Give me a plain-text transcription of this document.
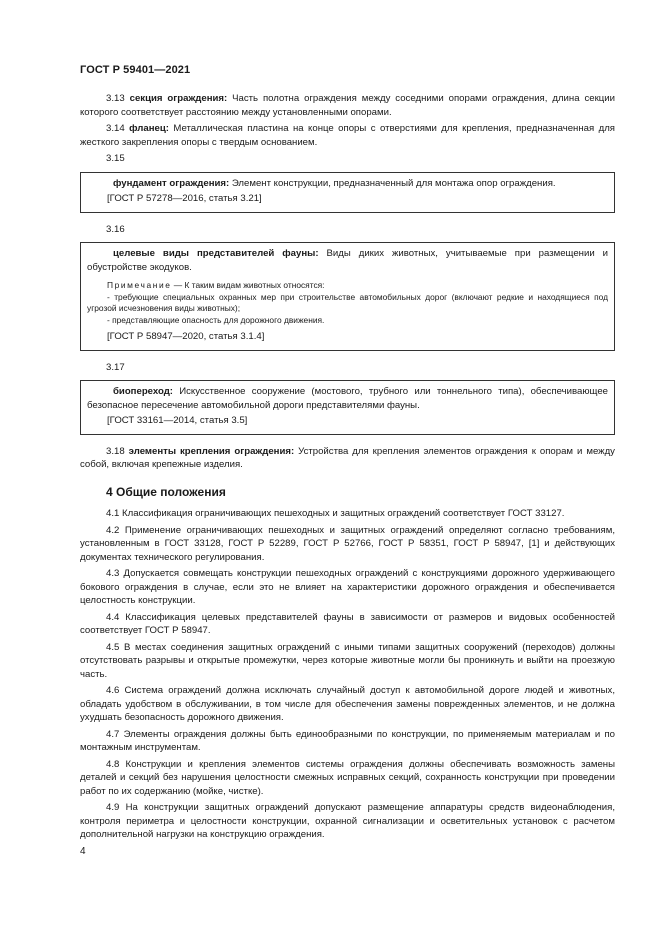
ГОСТ Р 59401—2021

3.13 секция ограждения: Часть полотна ограждения между соседними опорами ограждения, длина секции которого соответствует расстоянию между установленными опорами.

3.14 фланец: Металлическая пластина на конце опоры с отверстиями для крепления, предназначенная для жесткого закрепления опоры с твердым основанием.

3.15

фундамент ограждения: Элемент конструкции, предназначенный для монтажа опор ограждения.

[ГОСТ Р 57278—2016, статья 3.21]

3.16

целевые виды представителей фауны: Виды диких животных, учитываемые при размещении и обустройстве экодуков.

Примечание — К таким видам животных относятся:
- требующие специальных охранных мер при строительстве автомобильных дорог (включают редкие и находящиеся под угрозой исчезновения виды животных);
- представляющие опасность для дорожного движения.

[ГОСТ Р 58947—2020, статья 3.1.4]

3.17

биопереход: Искусственное сооружение (мостового, трубного или тоннельного типа), обеспечивающее безопасное пересечение автомобильной дороги представителями фауны.

[ГОСТ 33161—2014, статья 3.5]

3.18 элементы крепления ограждения: Устройства для крепления элементов ограждения к опорам и между собой, включая крепежные изделия.

4 Общие положения

4.1 Классификация ограничивающих пешеходных и защитных ограждений соответствует ГОСТ 33127.

4.2 Применение ограничивающих пешеходных и защитных ограждений определяют согласно требованиям, установленным в ГОСТ 33128, ГОСТ Р 52289, ГОСТ Р 52766, ГОСТ Р 58351, ГОСТ Р 58947, [1] и действующих документах технического регулирования.

4.3 Допускается совмещать конструкции пешеходных ограждений с конструкциями дорожного удерживающего бокового ограждения в случае, если это не влияет на характеристики дорожного ограждения и обеспечивается целостность конструкции.

4.4 Классификация целевых представителей фауны в зависимости от размеров и видовых особенностей соответствует ГОСТ Р 58947.

4.5 В местах соединения защитных ограждений с иными типами защитных сооружений (переходов) должны отсутствовать разрывы и открытые промежутки, через которые животные могли бы проникнуть и выйти на проезжую часть.

4.6 Система ограждений должна исключать случайный доступ к автомобильной дороге людей и животных, обладать удобством в обслуживании, в том числе для обеспечения замены поврежденных элементов, и не должна ухудшать безопасность дорожного движения.

4.7 Элементы ограждения должны быть единообразными по конструкции, по применяемым материалам и по монтажным инструментам.

4.8 Конструкции и крепления элементов системы ограждения должны обеспечивать возможность замены деталей и секций без нарушения целостности смежных исправных секций, сохранность конструкции при проведении работ по их содержанию (мойке, чистке).

4.9 На конструкции защитных ограждений допускают размещение аппаратуры средств видеонаблюдения, контроля периметра и целостности конструкции, охранной сигнализации и осветительных установок с расчетом дополнительной нагрузки на конструкцию ограждения.

4
